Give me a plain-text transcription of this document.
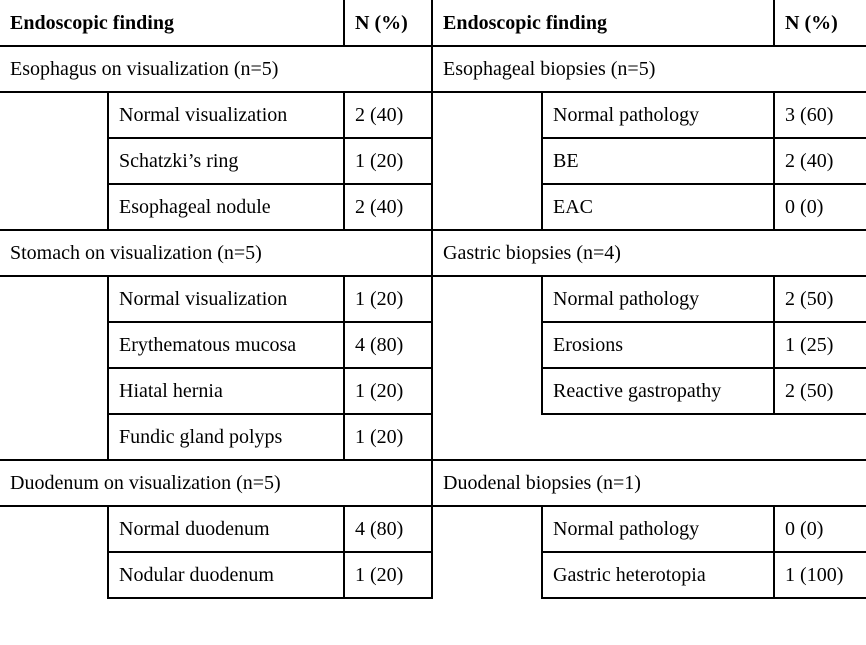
Endoscopic finding		N (%)	Endoscopic finding		N (%)
Esophagus on visualization (n=5)			Esophageal biopsies (n=5)		
	Normal visualization	2 (40)		Normal pathology	3 (60)
	Schatzki’s ring	1 (20)		BE	2 (40)
	Esophageal nodule	2 (40)		EAC	0 (0)
Stomach on visualization (n=5)			Gastric biopsies (n=4)		
	Normal visualization	1 (20)		Normal pathology	2 (50)
	Erythematous mucosa	4 (80)		Erosions	1 (25)
	Hiatal hernia	1 (20)		Reactive gastropathy	2 (50)
	Fundic gland polyps	1 (20)			
Duodenum on visualization (n=5)			Duodenal biopsies (n=1)		
	Normal duodenum	4 (80)		Normal pathology	0 (0)
	Nodular duodenum	1 (20)		Gastric heterotopia	1 (100)
